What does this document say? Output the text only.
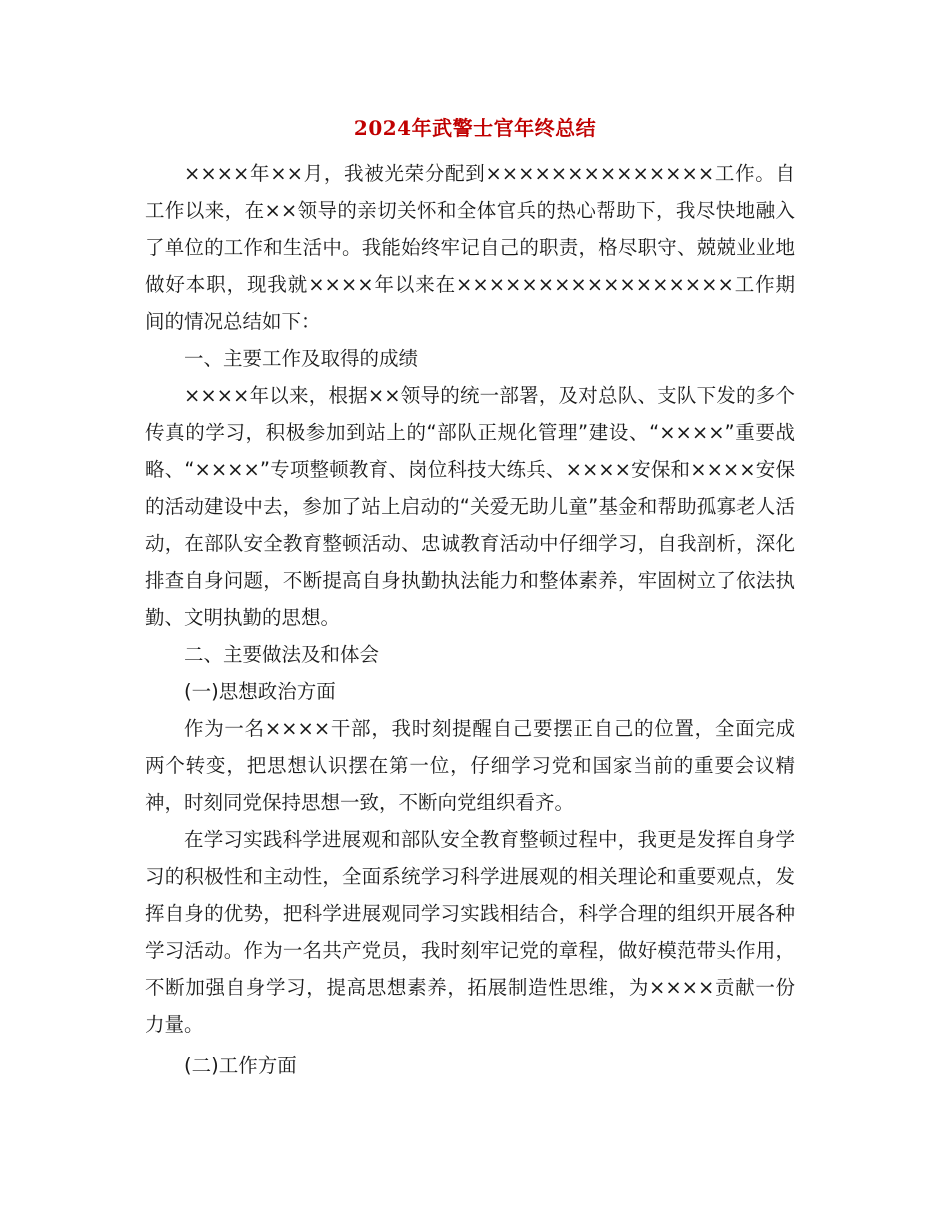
2024年武警士官年终总结

××××年××月，我被光荣分配到××××××××××××××工作。自工作以来，在××领导的亲切关怀和全体官兵的热心帮助下，我尽快地融入了单位的工作和生活中。我能始终牢记自己的职责，格尽职守、兢兢业业地做好本职，现我就××××年以来在×××××××××××××××××工作期间的情况总结如下：

一、主要工作及取得的成绩

××××年以来，根据××领导的统一部署，及对总队、支队下发的多个传真的学习，积极参加到站上的“部队正规化管理”建设、“××××”重要战略、“××××”专项整顿教育、岗位科技大练兵、××××安保和××××安保的活动建设中去，参加了站上启动的“关爱无助儿童”基金和帮助孤寡老人活动，在部队安全教育整顿活动、忠诚教育活动中仔细学习，自我剖析，深化排查自身问题，不断提高自身执勤执法能力和整体素养，牢固树立了依法执勤、文明执勤的思想。

二、主要做法及和体会

(一)思想政治方面

作为一名××××干部，我时刻提醒自己要摆正自己的位置，全面完成两个转变，把思想认识摆在第一位，仔细学习党和国家当前的重要会议精神，时刻同党保持思想一致，不断向党组织看齐。

在学习实践科学进展观和部队安全教育整顿过程中，我更是发挥自身学习的积极性和主动性，全面系统学习科学进展观的相关理论和重要观点，发挥自身的优势，把科学进展观同学习实践相结合，科学合理的组织开展各种学习活动。作为一名共产党员，我时刻牢记党的章程，做好模范带头作用，不断加强自身学习，提高思想素养，拓展制造性思维，为××××贡献一份力量。

(二)工作方面
